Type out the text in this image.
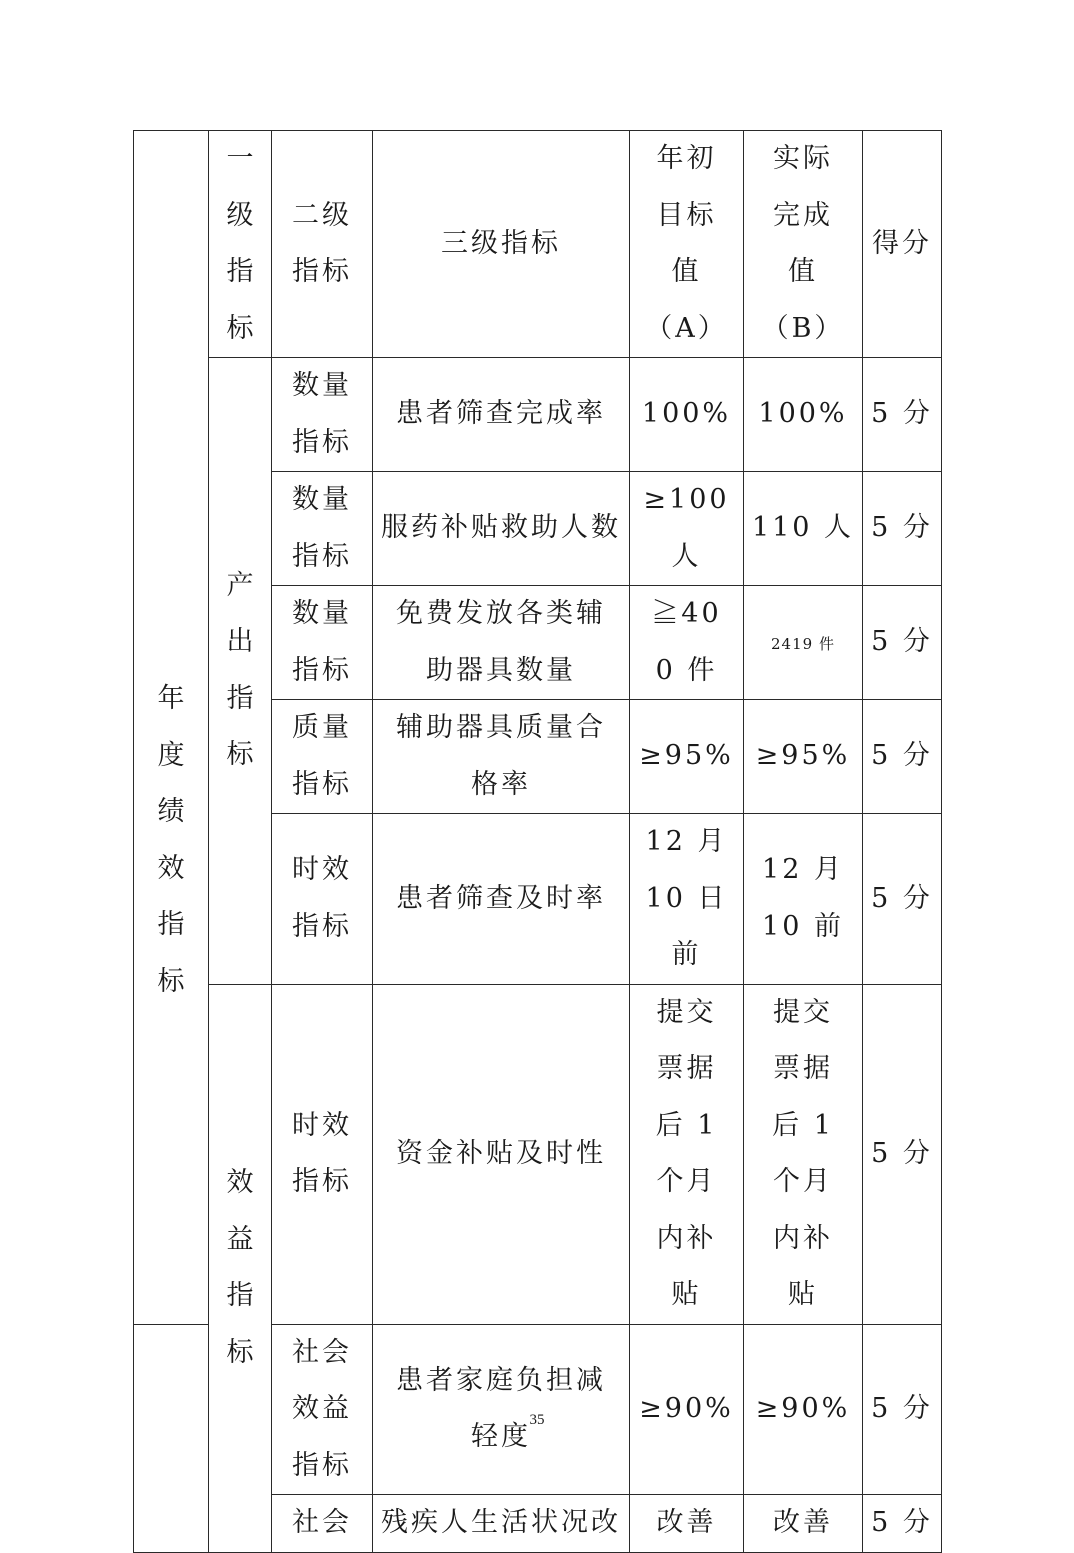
	一级指标	二级指标	三级指标	年初目标值（A）	实际完成值（B）	得分
年度绩效指标	产出指标	数量指标	患者筛查完成率	100%	100%	5 分
		数量指标	服药补贴救助人数	≥100人	110 人	5 分
		数量指标	免费发放各类辅助器具数量	≧400 件	2419 件	5 分
		质量指标	辅助器具质量合格率	≥95%	≥95%	5 分
		时效指标	患者筛查及时率	12 月 10 日前	12 月 10 前	5 分
	效益指标	时效指标	资金补贴及时性	提交票据后 1 个月内补贴	提交票据后 1 个月内补贴	5 分
		社会效益指标	患者家庭负担减轻度	≥90%	≥90%	5 分
		社会	残疾人生活状况改	改善	改善	5 分
35
